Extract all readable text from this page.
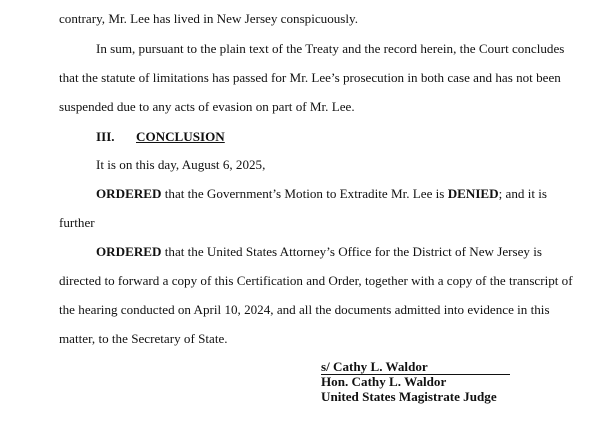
contrary, Mr. Lee has lived in New Jersey conspicuously.
In sum, pursuant to the plain text of the Treaty and the record herein, the Court concludes
that the statute of limitations has passed for Mr. Lee’s prosecution in both case and has not been
suspended due to any acts of evasion on part of Mr. Lee.
III. CONCLUSION
It is on this day, August 6, 2025,
ORDERED that the Government’s Motion to Extradite Mr. Lee is DENIED; and it is
further
ORDERED that the United States Attorney’s Office for the District of New Jersey is
directed to forward a copy of this Certification and Order, together with a copy of the transcript of
the hearing conducted on April 10, 2024, and all the documents admitted into evidence in this
matter, to the Secretary of State.
s/ Cathy L. Waldor
Hon. Cathy L. Waldor
United States Magistrate Judge
